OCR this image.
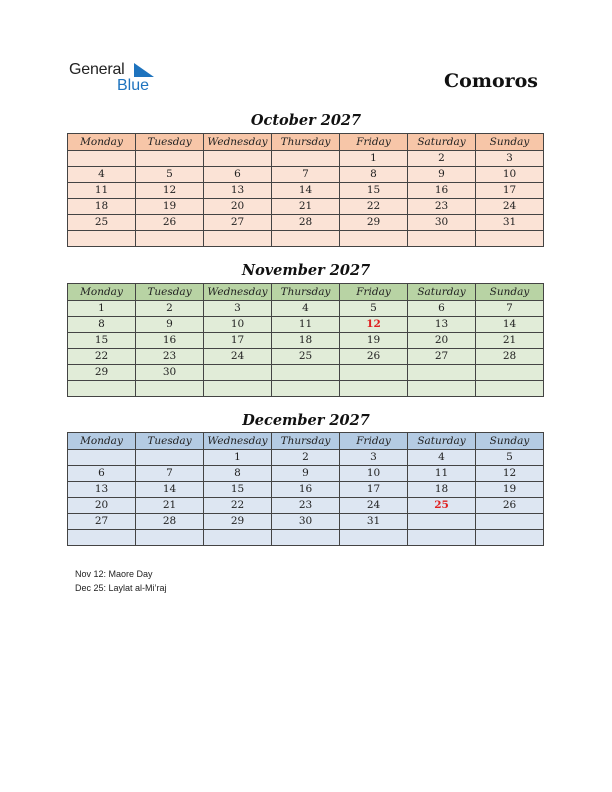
General
Blue	Comoros
October 2027
Monday	Tuesday	Wednesday	Thursday	Friday	Saturday	Sunday
				1	2	3
4	5	6	7	8	9	10
11	12	13	14	15	16	17
18	19	20	21	22	23	24
25	26	27	28	29	30	31

November 2027
Monday	Tuesday	Wednesday	Thursday	Friday	Saturday	Sunday
1	2	3	4	5	6	7
8	9	10	11	12	13	14
15	16	17	18	19	20	21
22	23	24	25	26	27	28
29	30					

December 2027
Monday	Tuesday	Wednesday	Thursday	Friday	Saturday	Sunday
		1	2	3	4	5
6	7	8	9	10	11	12
13	14	15	16	17	18	19
20	21	22	23	24	25	26
27	28	29	30	31		

Nov 12: Maore Day
Dec 25: Laylat al-Mi’raj
